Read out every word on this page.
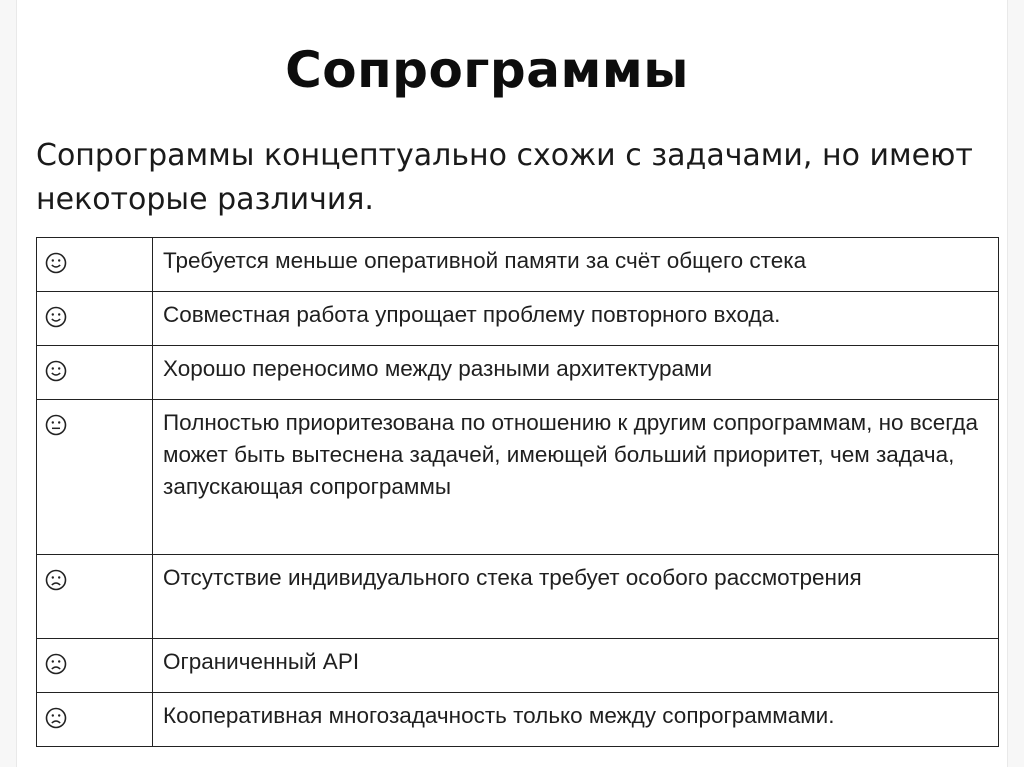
Сопрограммы

Сопрограммы концептуально схожи с задачами, но имеют некоторые различия.

	Требуется меньше оперативной памяти за счёт общего стека

	Совместная работа упрощает проблему повторного входа.

	Хорошо переносимо между разными архитектурами

	Полностью приоритезована по отношению к другим сопрограммам, но всегда может быть вытеснена задачей, имеющей больший приоритет, чем задача, запускающая сопрограммы

	Отсутствие индивидуального стека требует особого рассмотрения

	Ограниченный API

	Кооперативная многозадачность только между сопрограммами.
